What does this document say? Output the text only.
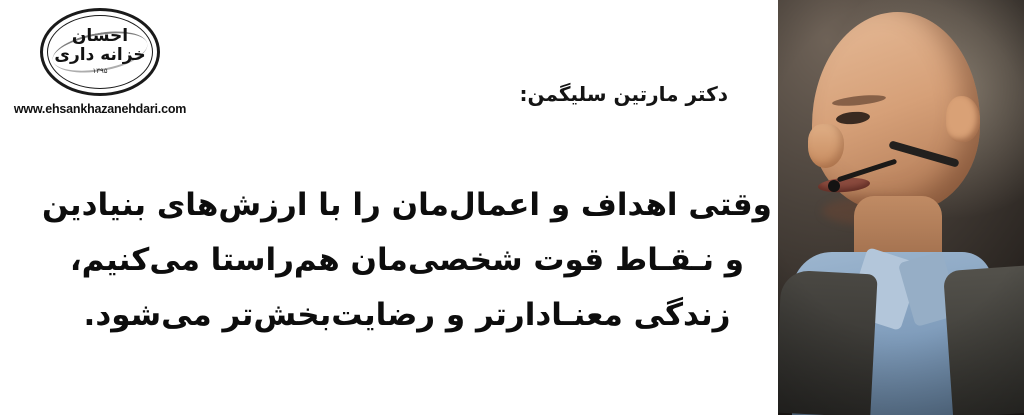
احسان
خزانه داری
۱۳۹۵
www.ehsankhazanehdari.com
دکتر مارتین سلیگمن:
وقتی اهداف و اعمال‌مان را با ارزش‌های بنیادین
و نـقـاط قوت شخصی‌مان هم‌راستا می‌کنیم،
زندگی معنـادارتر و رضایت‌بخش‌تر می‌شود.
